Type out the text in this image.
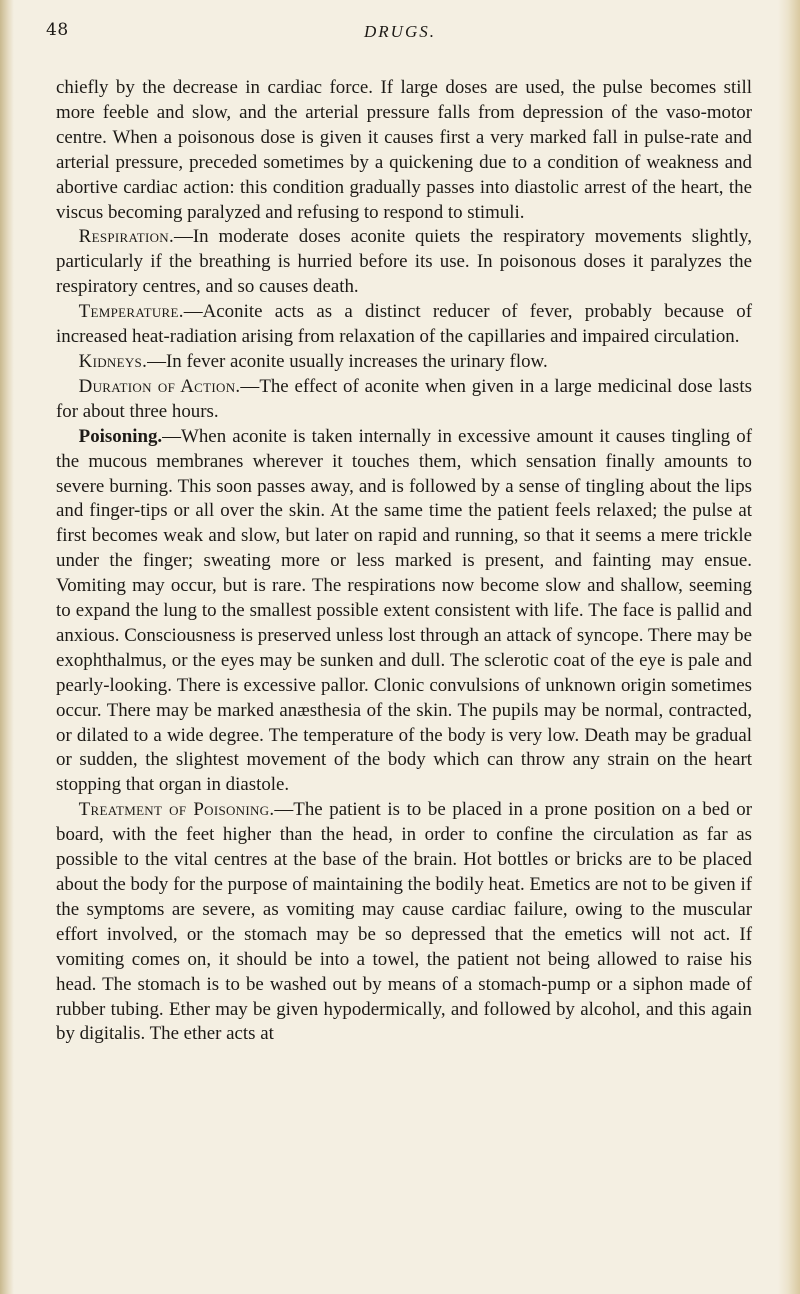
48	DRUGS.

chiefly by the decrease in cardiac force. If large doses are used, the pulse becomes still more feeble and slow, and the arterial pressure falls from depression of the vaso-motor centre. When a poisonous dose is given it causes first a very marked fall in pulse-rate and arterial pressure, preceded sometimes by a quickening due to a condition of weakness and abortive cardiac action: this condition gradually passes into diastolic arrest of the heart, the viscus becoming paralyzed and refusing to respond to stimuli.

Respiration.—In moderate doses aconite quiets the respiratory movements slightly, particularly if the breathing is hurried before its use. In poisonous doses it paralyzes the respiratory centres, and so causes death.

Temperature.—Aconite acts as a distinct reducer of fever, probably because of increased heat-radiation arising from relaxation of the capillaries and impaired circulation.

Kidneys.—In fever aconite usually increases the urinary flow.

Duration of Action.—The effect of aconite when given in a large medicinal dose lasts for about three hours.

Poisoning.—When aconite is taken internally in excessive amount it causes tingling of the mucous membranes wherever it touches them, which sensation finally amounts to severe burning. This soon passes away, and is followed by a sense of tingling about the lips and finger-tips or all over the skin. At the same time the patient feels relaxed; the pulse at first becomes weak and slow, but later on rapid and running, so that it seems a mere trickle under the finger; sweating more or less marked is present, and fainting may ensue. Vomiting may occur, but is rare. The respirations now become slow and shallow, seeming to expand the lung to the smallest possible extent consistent with life. The face is pallid and anxious. Consciousness is preserved unless lost through an attack of syncope. There may be exophthalmus, or the eyes may be sunken and dull. The sclerotic coat of the eye is pale and pearly-looking. There is excessive pallor. Clonic convulsions of unknown origin sometimes occur. There may be marked anæsthesia of the skin. The pupils may be normal, contracted, or dilated to a wide degree. The temperature of the body is very low. Death may be gradual or sudden, the slightest movement of the body which can throw any strain on the heart stopping that organ in diastole.

Treatment of Poisoning.—The patient is to be placed in a prone position on a bed or board, with the feet higher than the head, in order to confine the circulation as far as possible to the vital centres at the base of the brain. Hot bottles or bricks are to be placed about the body for the purpose of maintaining the bodily heat. Emetics are not to be given if the symptoms are severe, as vomiting may cause cardiac failure, owing to the muscular effort involved, or the stomach may be so depressed that the emetics will not act. If vomiting comes on, it should be into a towel, the patient not being allowed to raise his head. The stomach is to be washed out by means of a stomach-pump or a siphon made of rubber tubing. Ether may be given hypodermically, and followed by alcohol, and this again by digitalis. The ether acts at
